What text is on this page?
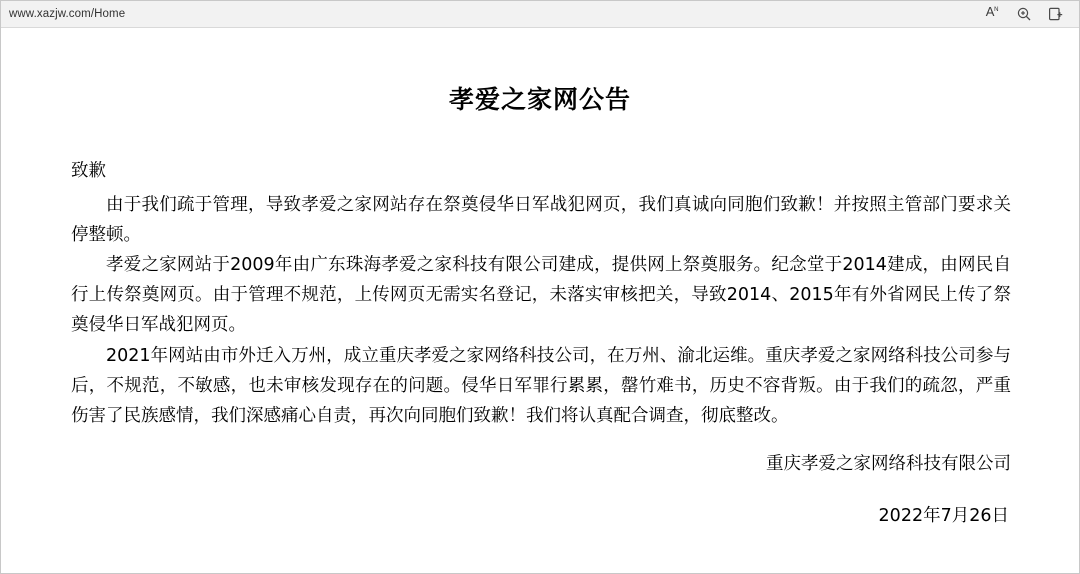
www.xazjw.com/Home	A ᴺ
孝爱之家网公告

致歉

由于我们疏于管理，导致孝爱之家网站存在祭奠侵华日军战犯网页，我们真诚向同胞们致歉！并按照主管部门要求关停整顿。

孝爱之家网站于2009年由广东珠海孝爱之家科技有限公司建成，提供网上祭奠服务。纪念堂于2014建成，由网民自行上传祭奠网页。由于管理不规范，上传网页无需实名登记，未落实审核把关，导致2014、2015年有外省网民上传了祭奠侵华日军战犯网页。

2021年网站由市外迁入万州，成立重庆孝爱之家网络科技公司，在万州、渝北运维。重庆孝爱之家网络科技公司参与后，不规范，不敏感，也未审核发现存在的问题。侵华日军罪行累累，罄竹难书，历史不容背叛。由于我们的疏忽，严重伤害了民族感情，我们深感痛心自责，再次向同胞们致歉！我们将认真配合调查，彻底整改。

重庆孝爱之家网络科技有限公司
2022年7月26日
